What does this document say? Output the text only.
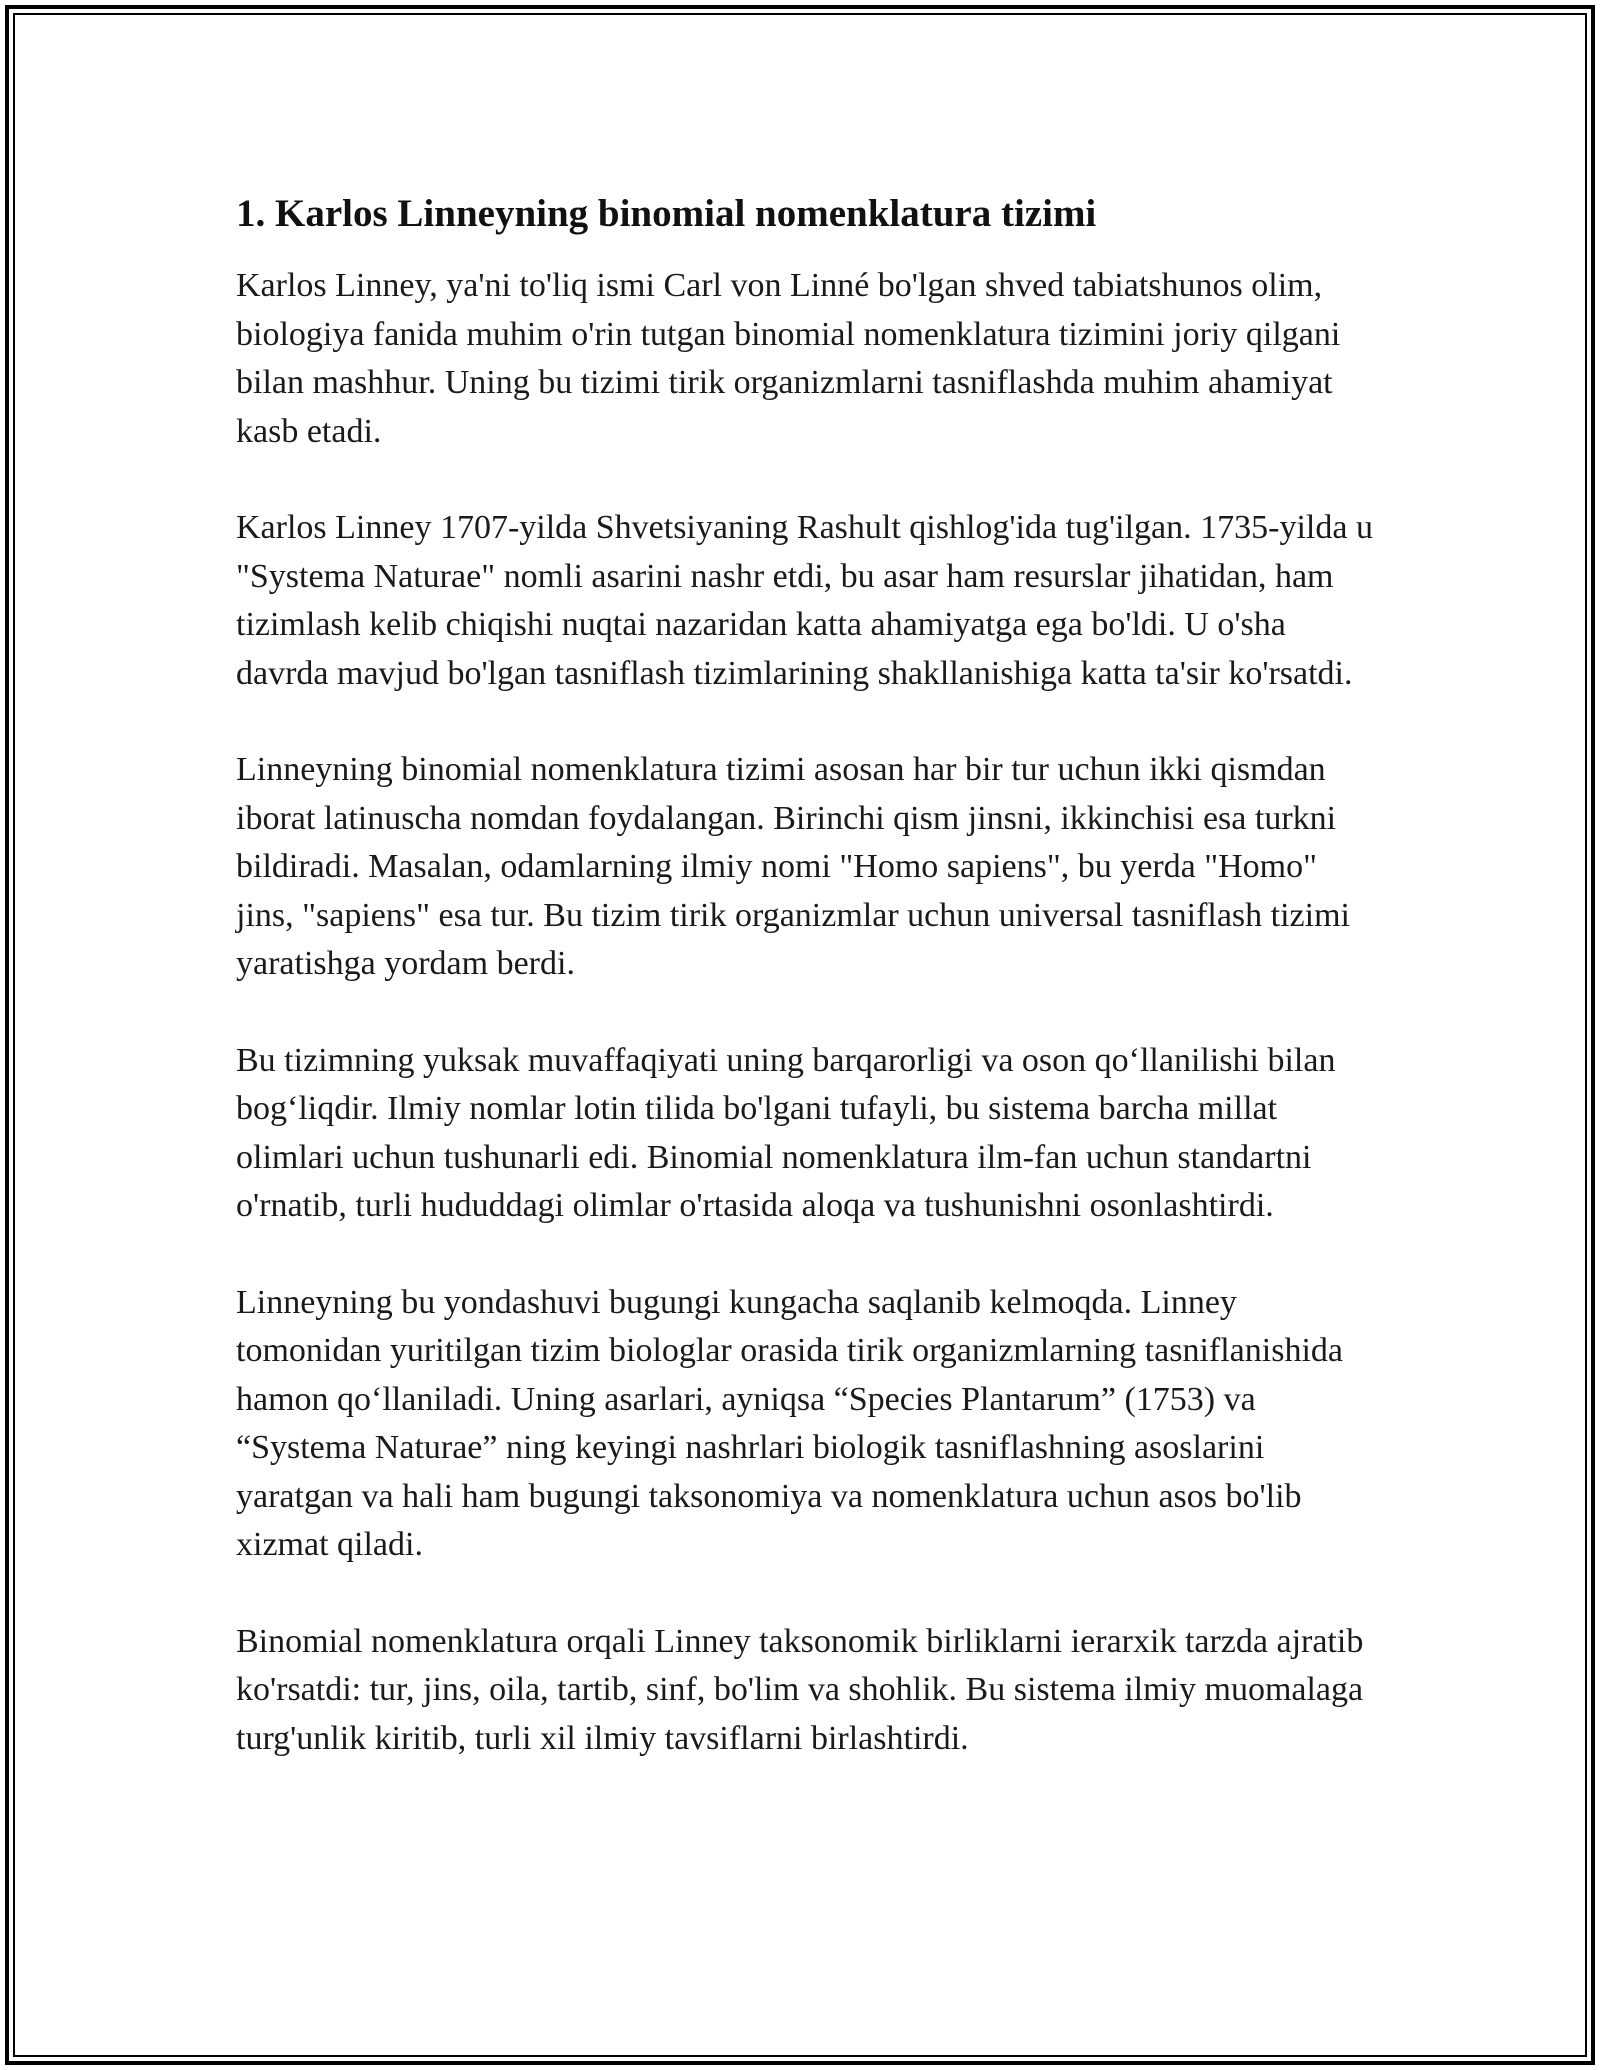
1. Karlos Linneyning binomial nomenklatura tizimi

Karlos Linney, ya'ni to'liq ismi Carl von Linné bo'lgan shved tabiatshunos olim, biologiya fanida muhim o'rin tutgan binomial nomenklatura tizimini joriy qilgani bilan mashhur. Uning bu tizimi tirik organizmlarni tasniflashda muhim ahamiyat kasb etadi.

Karlos Linney 1707-yilda Shvetsiyaning Rashult qishlog'ida tug'ilgan. 1735-yilda u "Systema Naturae" nomli asarini nashr etdi, bu asar ham resurslar jihatidan, ham tizimlash kelib chiqishi nuqtai nazaridan katta ahamiyatga ega bo'ldi. U o'sha davrda mavjud bo'lgan tasniflash tizimlarining shakllanishiga katta ta'sir ko'rsatdi.

Linneyning binomial nomenklatura tizimi asosan har bir tur uchun ikki qismdan iborat latinuscha nomdan foydalangan. Birinchi qism jinsni, ikkinchisi esa turkni bildiradi. Masalan, odamlarning ilmiy nomi "Homo sapiens", bu yerda "Homo" jins, "sapiens" esa tur. Bu tizim tirik organizmlar uchun universal tasniflash tizimi yaratishga yordam berdi.

Bu tizimning yuksak muvaffaqiyati uning barqarorligi va oson qoʻllanilishi bilan bogʻliqdir. Ilmiy nomlar lotin tilida bo'lgani tufayli, bu sistema barcha millat olimlari uchun tushunarli edi. Binomial nomenklatura ilm-fan uchun standartni o'rnatib, turli hududdagi olimlar o'rtasida aloqa va tushunishni osonlashtirdi.

Linneyning bu yondashuvi bugungi kungacha saqlanib kelmoqda. Linney tomonidan yuritilgan tizim biologlar orasida tirik organizmlarning tasniflanishida hamon qoʻllaniladi. Uning asarlari, ayniqsa “Species Plantarum” (1753) va “Systema Naturae” ning keyingi nashrlari biologik tasniflashning asoslarini yaratgan va hali ham bugungi taksonomiya va nomenklatura uchun asos bo'lib xizmat qiladi.

Binomial nomenklatura orqali Linney taksonomik birliklarni ierarxik tarzda ajratib ko'rsatdi: tur, jins, oila, tartib, sinf, bo'lim va shohlik. Bu sistema ilmiy muomalaga turg'unlik kiritib, turli xil ilmiy tavsiflarni birlashtirdi.
